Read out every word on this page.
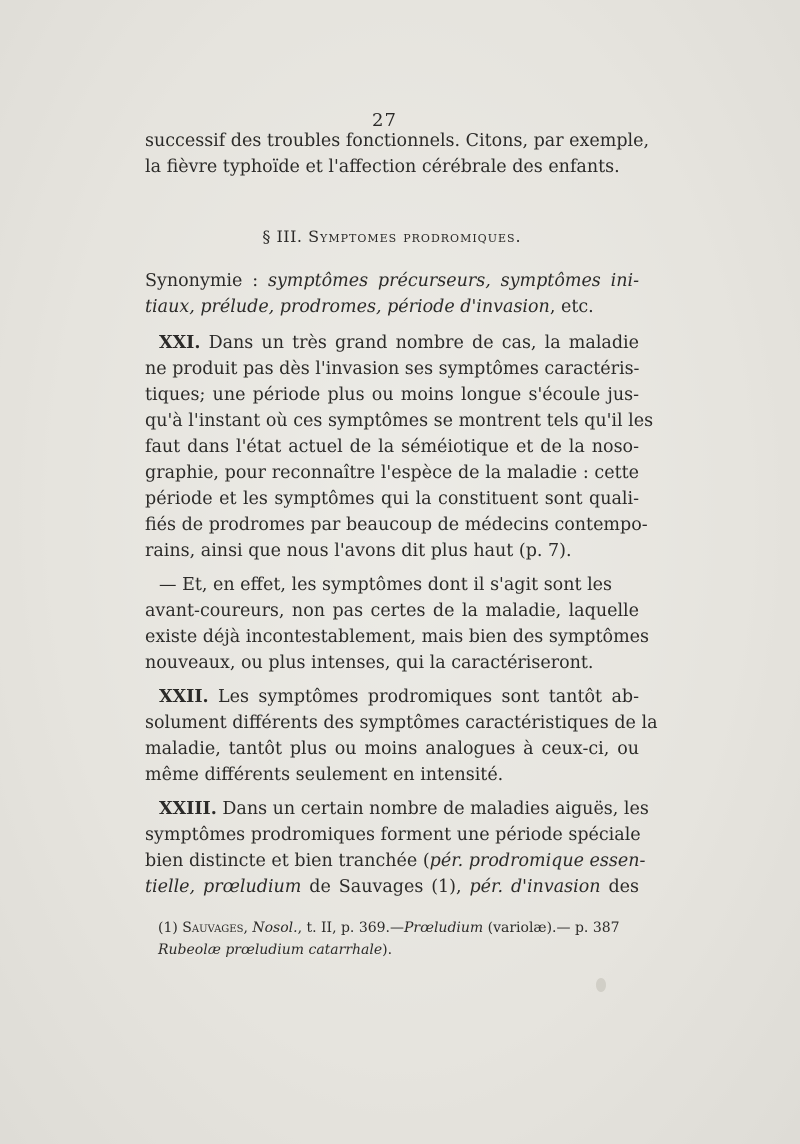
27
successif des troubles fonctionnels. Citons, par exemple,
la fièvre typhoïde et l'affection cérébrale des enfants.
§ III. Symptomes prodromiques.
Synonymie : symptômes précurseurs, symptômes ini-
tiaux, prélude, prodromes, période d'invasion, etc.
XXI. Dans un très grand nombre de cas, la maladie
ne produit pas dès l'invasion ses symptômes caractéris-
tiques; une période plus ou moins longue s'écoule jus-
qu'à l'instant où ces symptômes se montrent tels qu'il les
faut dans l'état actuel de la séméiotique et de la noso-
graphie, pour reconnaître l'espèce de la maladie : cette
période et les symptômes qui la constituent sont quali-
fiés de prodromes par beaucoup de médecins contempo-
rains, ainsi que nous l'avons dit plus haut (p. 7).
— Et, en effet, les symptômes dont il s'agit sont les
avant-coureurs, non pas certes de la maladie, laquelle
existe déjà incontestablement, mais bien des symptômes
nouveaux, ou plus intenses, qui la caractériseront.
XXII. Les symptômes prodromiques sont tantôt ab-
solument différents des symptômes caractéristiques de la
maladie, tantôt plus ou moins analogues à ceux-ci, ou
même différents seulement en intensité.
XXIII. Dans un certain nombre de maladies aiguës, les
symptômes prodromiques forment une période spéciale
bien distincte et bien tranchée (pér. prodromique essen-
tielle, prœludium de Sauvages (1), pér. d'invasion des
(1) Sauvages, Nosol., t. II, p. 369.—Prœludium (variolæ).— p. 387
Rubeolæ prœludium catarrhale).
